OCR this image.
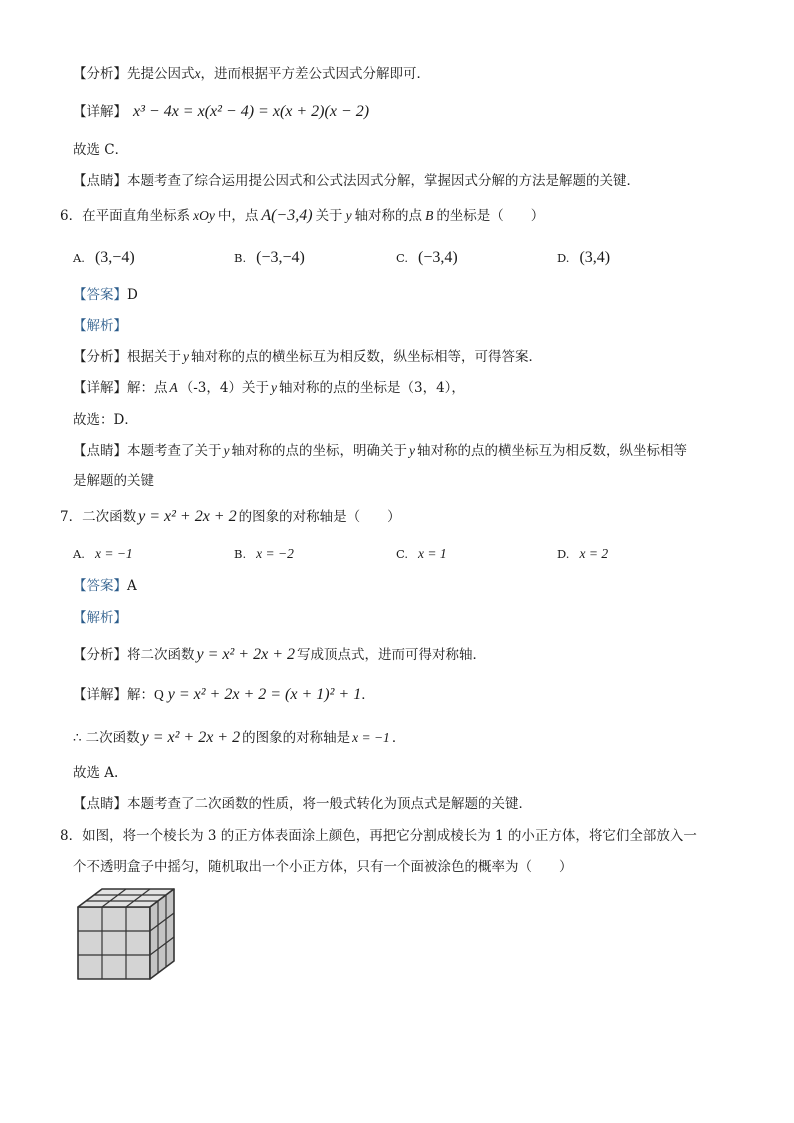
【分析】先提公因式x，进而根据平方差公式因式分解即可．
【详解】 x³ − 4x = x(x² − 4) = x(x + 2)(x − 2)
故选 C．
【点睛】本题考查了综合运用提公因式和公式法因式分解，掌握因式分解的方法是解题的关键．
6．在平面直角坐标系 xOy 中，点 A(−3,4) 关于 y 轴对称的点 B 的坐标是（　　）
A. (3,−4)	B. (−3,−4)	C. (−3,4)	D. (3,4)
【答案】D
【解析】
【分析】根据关于 y 轴对称的点的横坐标互为相反数，纵坐标相等，可得答案．
【详解】解：点 A （-3，4）关于 y 轴对称的点的坐标是（3，4），
故选：D．
【点睛】本题考查了关于 y 轴对称的点的坐标，明确关于 y 轴对称的点的横坐标互为相反数，纵坐标相等
是解题的关键
7．二次函数 y = x² + 2x + 2 的图象的对称轴是（　　）
A. x = −1	B. x = −2	C. x = 1	D. x = 2
【答案】A
【解析】
【分析】将二次函数 y = x² + 2x + 2 写成顶点式，进而可得对称轴．
【详解】解：Q y = x² + 2x + 2 = (x + 1)² + 1．
∴ 二次函数 y = x² + 2x + 2 的图象的对称轴是 x = −1 ．
故选 A.
【点睛】本题考查了二次函数的性质，将一般式转化为顶点式是解题的关键．
8．如图，将一个棱长为 3 的正方体表面涂上颜色，再把它分割成棱长为 1 的小正方体，将它们全部放入一
个不透明盒子中摇匀，随机取出一个小正方体，只有一个面被涂色的概率为（　　）
